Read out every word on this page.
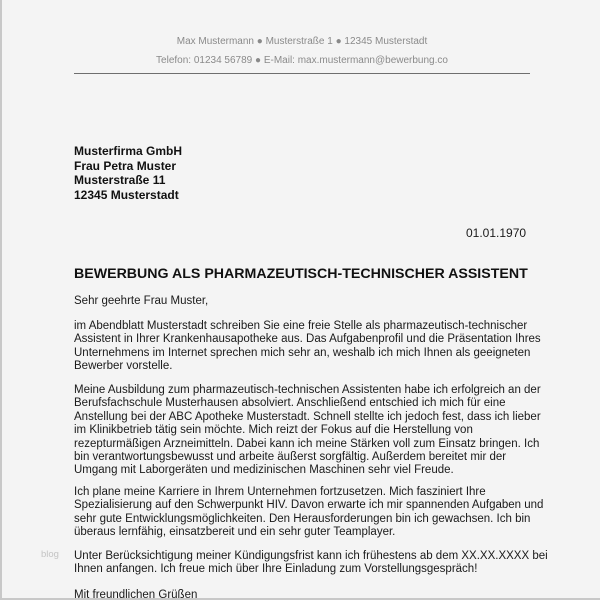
Max Mustermann ● Musterstraße 1 ● 12345 Musterstadt
Telefon: 01234 56789 ● E-Mail: max.mustermann@bewerbung.co
Musterfirma GmbH
Frau Petra Muster
Musterstraße 11
12345 Musterstadt
01.01.1970
BEWERBUNG ALS PHARMAZEUTISCH-TECHNISCHER ASSISTENT
Sehr geehrte Frau Muster,
im Abendblatt Musterstadt schreiben Sie eine freie Stelle als pharmazeutisch-technischer
Assistent in Ihrer Krankenhausapotheke aus. Das Aufgabenprofil und die Präsentation Ihres
Unternehmens im Internet sprechen mich sehr an, weshalb ich mich Ihnen als geeigneten
Bewerber vorstelle.
Meine Ausbildung zum pharmazeutisch-technischen Assistenten habe ich erfolgreich an der
Berufsfachschule Musterhausen absolviert. Anschließend entschied ich mich für eine
Anstellung bei der ABC Apotheke Musterstadt. Schnell stellte ich jedoch fest, dass ich lieber
im Klinikbetrieb tätig sein möchte. Mich reizt der Fokus auf die Herstellung von
rezepturmäßigen Arzneimitteln. Dabei kann ich meine Stärken voll zum Einsatz bringen. Ich
bin verantwortungsbewusst und arbeite äußerst sorgfältig. Außerdem bereitet mir der
Umgang mit Laborgeräten und medizinischen Maschinen sehr viel Freude.
Ich plane meine Karriere in Ihrem Unternehmen fortzusetzen. Mich fasziniert Ihre
Spezialisierung auf den Schwerpunkt HIV. Davon erwarte ich mir spannenden Aufgaben und
sehr gute Entwicklungsmöglichkeiten. Den Herausforderungen bin ich gewachsen. Ich bin
überaus lernfähig, einsatzbereit und ein sehr guter Teamplayer.
Unter Berücksichtigung meiner Kündigungsfrist kann ich frühestens ab dem XX.XX.XXXX bei
Ihnen anfangen. Ich freue mich über Ihre Einladung zum Vorstellungsgespräch!
Mit freundlichen Grüßen
blog
